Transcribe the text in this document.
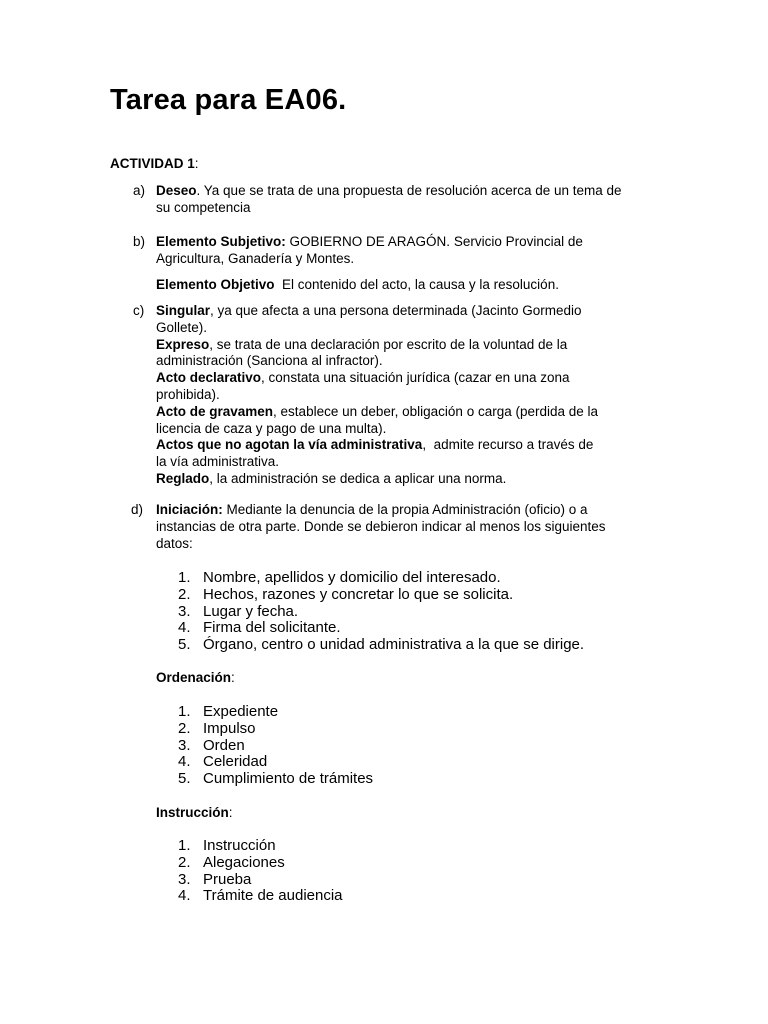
Tarea para EA06.
ACTIVIDAD 1:
a) Deseo. Ya que se trata de una propuesta de resolución acerca de un tema de
su competencia
b) Elemento Subjetivo: GOBIERNO DE ARAGÓN. Servicio Provincial de
Agricultura, Ganadería y Montes.
Elemento Objetivo  El contenido del acto, la causa y la resolución.
c) Singular, ya que afecta a una persona determinada (Jacinto Gormedio
Gollete).
Expreso, se trata de una declaración por escrito de la voluntad de la
administración (Sanciona al infractor).
Acto declarativo, constata una situación jurídica (cazar en una zona
prohibida).
Acto de gravamen, establece un deber, obligación o carga (perdida de la
licencia de caza y pago de una multa).
Actos que no agotan la vía administrativa,  admite recurso a través de
la vía administrativa.
Reglado, la administración se dedica a aplicar una norma.
d) Iniciación: Mediante la denuncia de la propia Administración (oficio) o a
instancias de otra parte. Donde se debieron indicar al menos los siguientes
datos:
1. Nombre, apellidos y domicilio del interesado.
2. Hechos, razones y concretar lo que se solicita.
3. Lugar y fecha.
4. Firma del solicitante.
5. Órgano, centro o unidad administrativa a la que se dirige.
Ordenación:
1. Expediente
2. Impulso
3. Orden
4. Celeridad
5. Cumplimiento de trámites
Instrucción:
1. Instrucción
2. Alegaciones
3. Prueba
4. Trámite de audiencia
